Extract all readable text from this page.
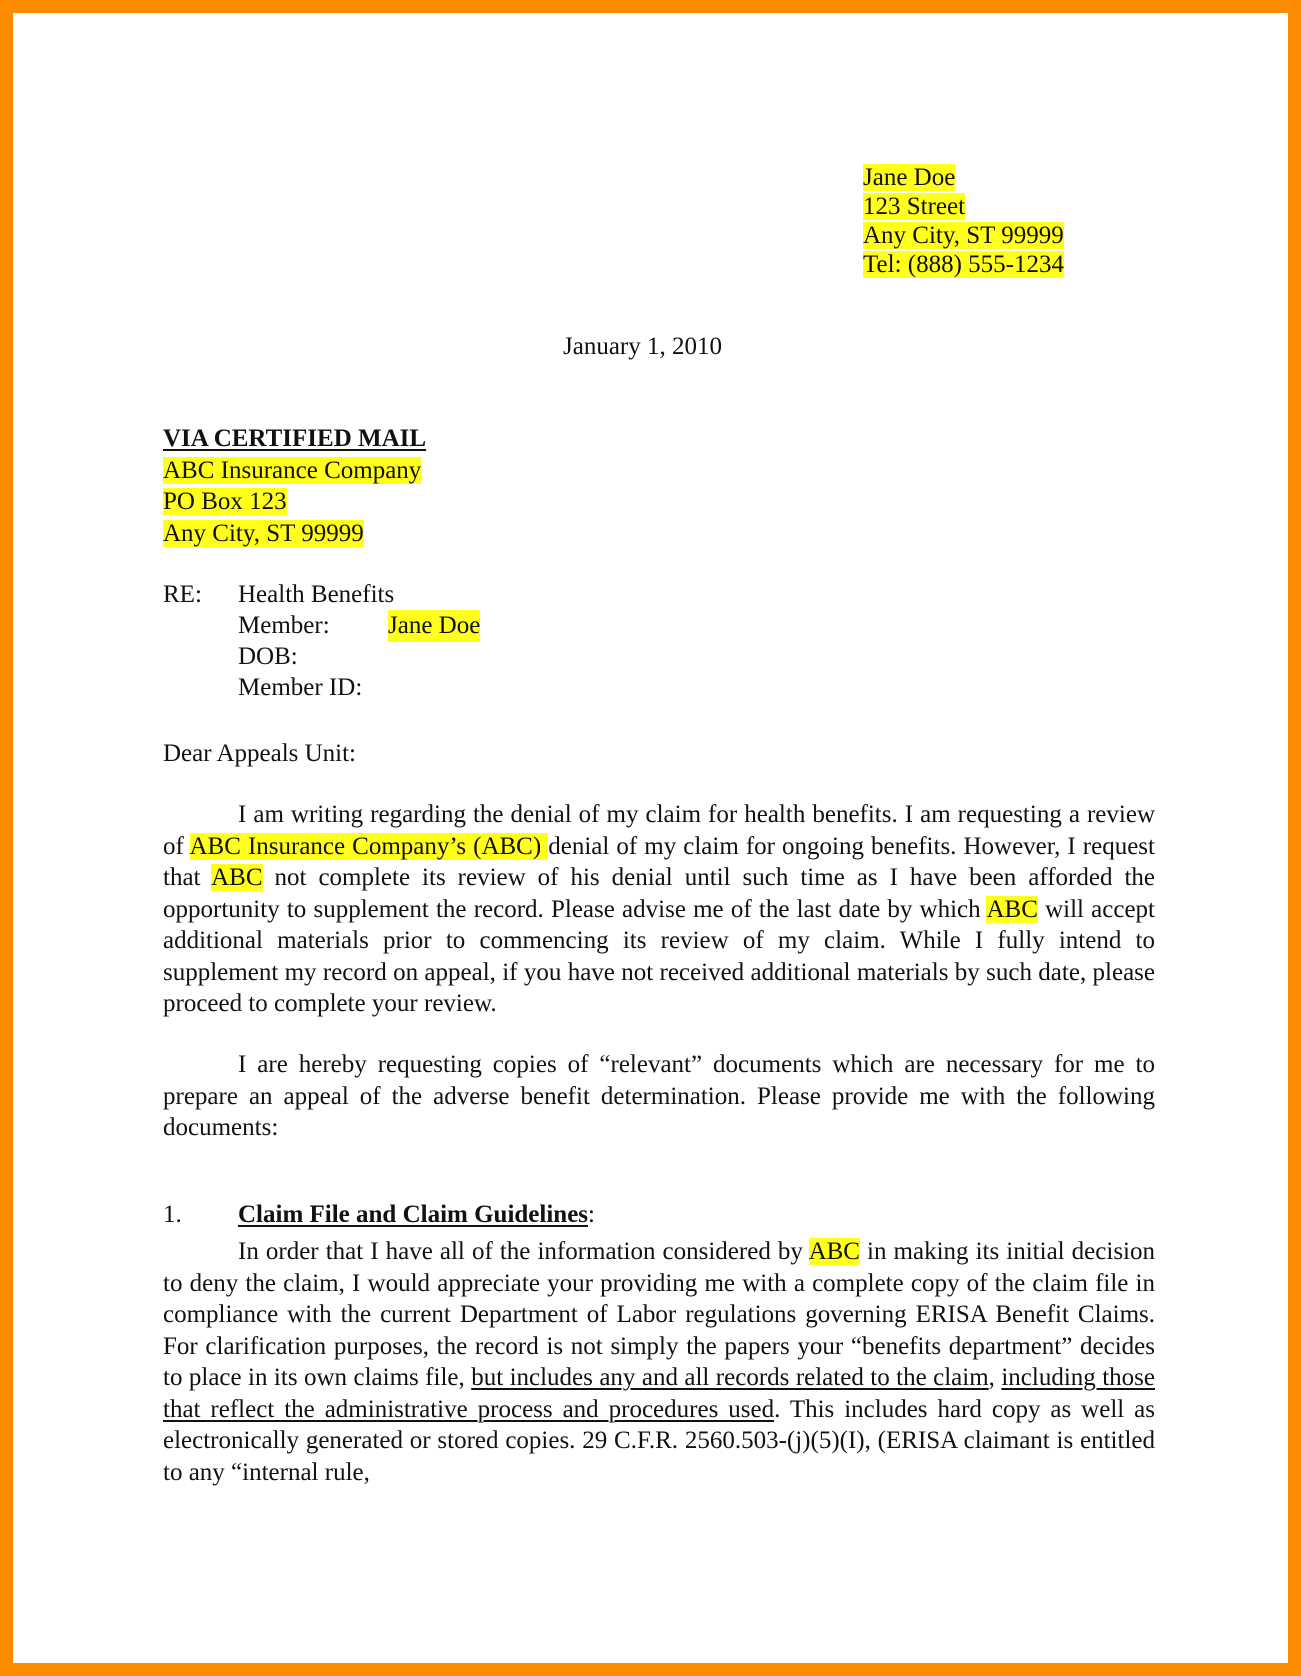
Jane Doe
123 Street
Any City, ST 99999
Tel: (888) 555-1234
January 1, 2010
VIA CERTIFIED MAIL
ABC Insurance Company
PO Box 123
Any City, ST 99999
RE: Health Benefits
Member: Jane Doe
DOB:
Member ID:
Dear Appeals Unit:

I am writing regarding the denial of my claim for health benefits. I am requesting a review of ABC Insurance Company’s (ABC) denial of my claim for ongoing benefits. However, I request that ABC not complete its review of his denial until such time as I have been afforded the opportunity to supplement the record. Please advise me of the last date by which ABC will accept additional materials prior to commencing its review of my claim. While I fully intend to supplement my record on appeal, if you have not received additional materials by such date, please proceed to complete your review.

I are hereby requesting copies of “relevant” documents which are necessary for me to prepare an appeal of the adverse benefit determination. Please provide me with the following documents:

1. Claim File and Claim Guidelines:

In order that I have all of the information considered by ABC in making its initial decision to deny the claim, I would appreciate your providing me with a complete copy of the claim file in compliance with the current Department of Labor regulations governing ERISA Benefit Claims. For clarification purposes, the record is not simply the papers your “benefits department” decides to place in its own claims file, but includes any and all records related to the claim, including those that reflect the administrative process and procedures used. This includes hard copy as well as electronically generated or stored copies. 29 C.F.R. 2560.503-(j)(5)(I), (ERISA claimant is entitled to any “internal rule,
